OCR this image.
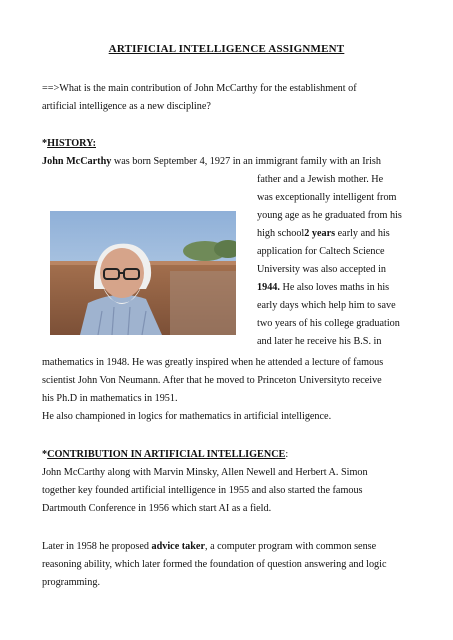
ARTIFICIAL INTELLIGENCE ASSIGNMENT
==>What is the main contribution of John McCarthy for the establishment of
artificial intelligence as a new discipline?
*HISTORY:
John McCarthy was born September 4, 1927 in an immigrant family with an Irish
father and a Jewish mother. He
was exceptionally intelligent from
young age as he graduated from his
high school2 years early and his
application for Caltech Science
University was also accepted in
1944. He also loves maths in his
early days which help him to save
two years of his college graduation
and later he receive his B.S. in
mathematics in 1948. He was greatly inspired when he attended a lecture of famous
scientist John Von Neumann. After that he moved to Princeton Universityto receive
his Ph.D in mathematics in 1951.
He also championed in logics for mathematics in artificial intelligence.
*CONTRIBUTION IN ARTIFICIAL INTELLIGENCE:
John McCarthy along with Marvin Minsky, Allen Newell and Herbert A. Simon
together key founded artificial intelligence in 1955 and also started the famous
Dartmouth Conference in 1956 which start AI as a field.
Later in 1958 he proposed advice taker, a computer program with common sense
reasoning ability, which later formed the foundation of question answering and logic
programming.
